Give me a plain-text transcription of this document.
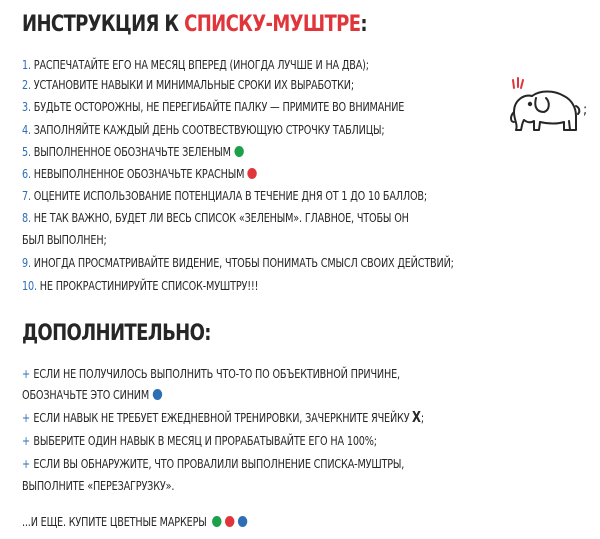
ИНСТРУКЦИЯ К СПИСКУ-МУШТРЕ:
1. РАСПЕЧАТАЙТЕ ЕГО НА МЕСЯЦ ВПЕРЕД (ИНОГДА ЛУЧШЕ И НА ДВА);
2. УСТАНОВИТЕ НАВЫКИ И МИНИМАЛЬНЫЕ СРОКИ ИХ ВЫРАБОТКИ;
3. БУДЬТЕ ОСТОРОЖНЫ, НЕ ПЕРЕГИБАЙТЕ ПАЛКУ — ПРИМИТЕ ВО ВНИМАНИЕ	;
4. ЗАПОЛНЯЙТЕ КАЖДЫЙ ДЕНЬ СООТВЕСТВУЮЩУЮ СТРОЧКУ ТАБЛИЦЫ;
5. ВЫПОЛНЕННОЕ ОБОЗНАЧЬТЕ ЗЕЛЕНЫМ
6. НЕВЫПОЛНЕННОЕ ОБОЗНАЧЬТЕ КРАСНЫМ
7. ОЦЕНИТЕ ИСПОЛЬЗОВАНИЕ ПОТЕНЦИАЛА В ТЕЧЕНИЕ ДНЯ ОТ 1 ДО 10 БАЛЛОВ;
8. НЕ ТАК ВАЖНО, БУДЕТ ЛИ ВЕСЬ СПИСОК «ЗЕЛЕНЫМ». ГЛАВНОЕ, ЧТОБЫ ОН
БЫЛ ВЫПОЛНЕН;
9. ИНОГДА ПРОСМАТРИВАЙТЕ ВИДЕНИЕ, ЧТОБЫ ПОНИМАТЬ СМЫСЛ СВОИХ ДЕЙСТВИЙ;
10. НЕ ПРОКРАСТИНИРУЙТЕ СПИСОК-МУШТРУ!!!
ДОПОЛНИТЕЛЬНО:
+ ЕСЛИ НЕ ПОЛУЧИЛОСЬ ВЫПОЛНИТЬ ЧТО-ТО ПО ОБЪЕКТИВНОЙ ПРИЧИНЕ,
ОБОЗНАЧЬТЕ ЭТО СИНИМ
+ ЕСЛИ НАВЫК НЕ ТРЕБУЕТ ЕЖЕДНЕВНОЙ ТРЕНИРОВКИ, ЗАЧЕРКНИТЕ ЯЧЕЙКУ X;
+ ВЫБЕРИТЕ ОДИН НАВЫК В МЕСЯЦ И ПРОРАБАТЫВАЙТЕ ЕГО НА 100%;
+ ЕСЛИ ВЫ ОБНАРУЖИТЕ, ЧТО ПРОВАЛИЛИ ВЫПОЛНЕНИЕ СПИСКА-МУШТРЫ,
ВЫПОЛНИТЕ «ПЕРЕЗАГРУЗКУ».
...И ЕЩЕ. КУПИТЕ ЦВЕТНЫЕ МАРКЕРЫ
